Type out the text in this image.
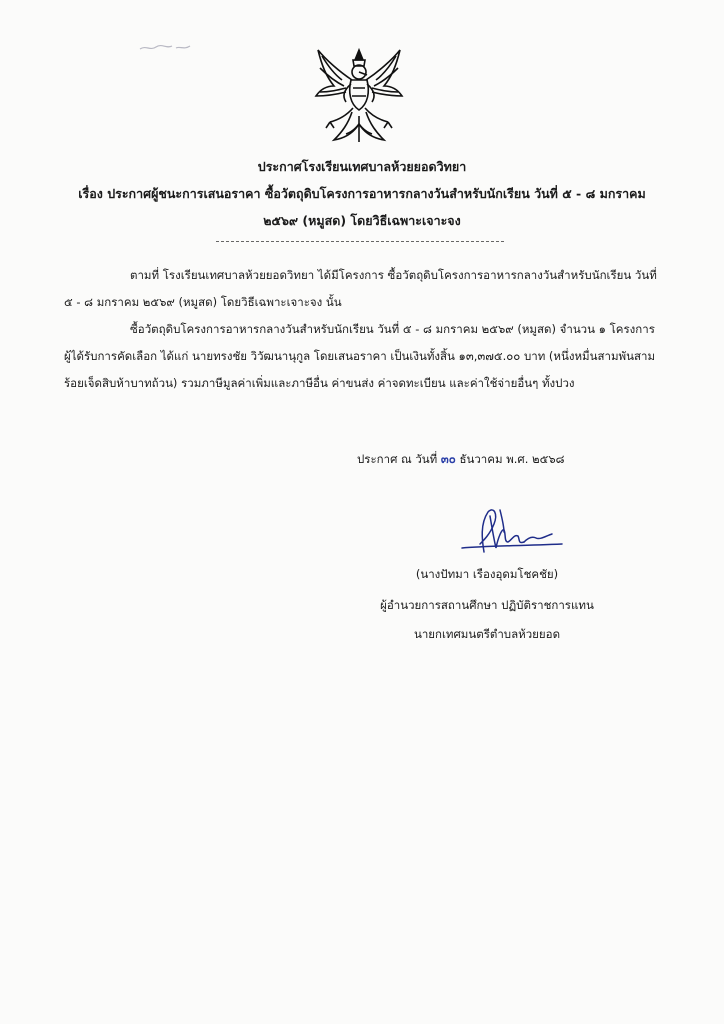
ประกาศโรงเรียนเทศบาลห้วยยอดวิทยา
เรื่อง ประกาศผู้ชนะการเสนอราคา ซื้อวัตถุดิบโครงการอาหารกลางวันสำหรับนักเรียน วันที่ ๕ - ๘ มกราคม
๒๕๖๙ (หมูสด) โดยวิธีเฉพาะเจาะจง

ตามที่ โรงเรียนเทศบาลห้วยยอดวิทยา ได้มีโครงการ ซื้อวัตถุดิบโครงการอาหารกลางวันสำหรับนักเรียน วันที่ ๕ - ๘ มกราคม ๒๕๖๙ (หมูสด) โดยวิธีเฉพาะเจาะจง นั้น

ซื้อวัตถุดิบโครงการอาหารกลางวันสำหรับนักเรียน วันที่ ๕ - ๘ มกราคม ๒๕๖๙ (หมูสด) จำนวน ๑ โครงการ ผู้ได้รับการคัดเลือก ได้แก่ นายทรงชัย วิวัฒนานุกูล โดยเสนอราคา เป็นเงินทั้งสิ้น ๑๓,๓๗๕.๐๐ บาท (หนึ่งหมื่นสามพันสามร้อยเจ็ดสิบห้าบาทถ้วน) รวมภาษีมูลค่าเพิ่มและภาษีอื่น ค่าขนส่ง ค่าจดทะเบียน และค่าใช้จ่ายอื่นๆ ทั้งปวง

ประกาศ ณ วันที่ ๓๐ ธันวาคม พ.ศ. ๒๕๖๘
(นางปัทมา เรืองอุดมโชคชัย)
ผู้อำนวยการสถานศึกษา ปฏิบัติราชการแทน
นายกเทศมนตรีตำบลห้วยยอด
